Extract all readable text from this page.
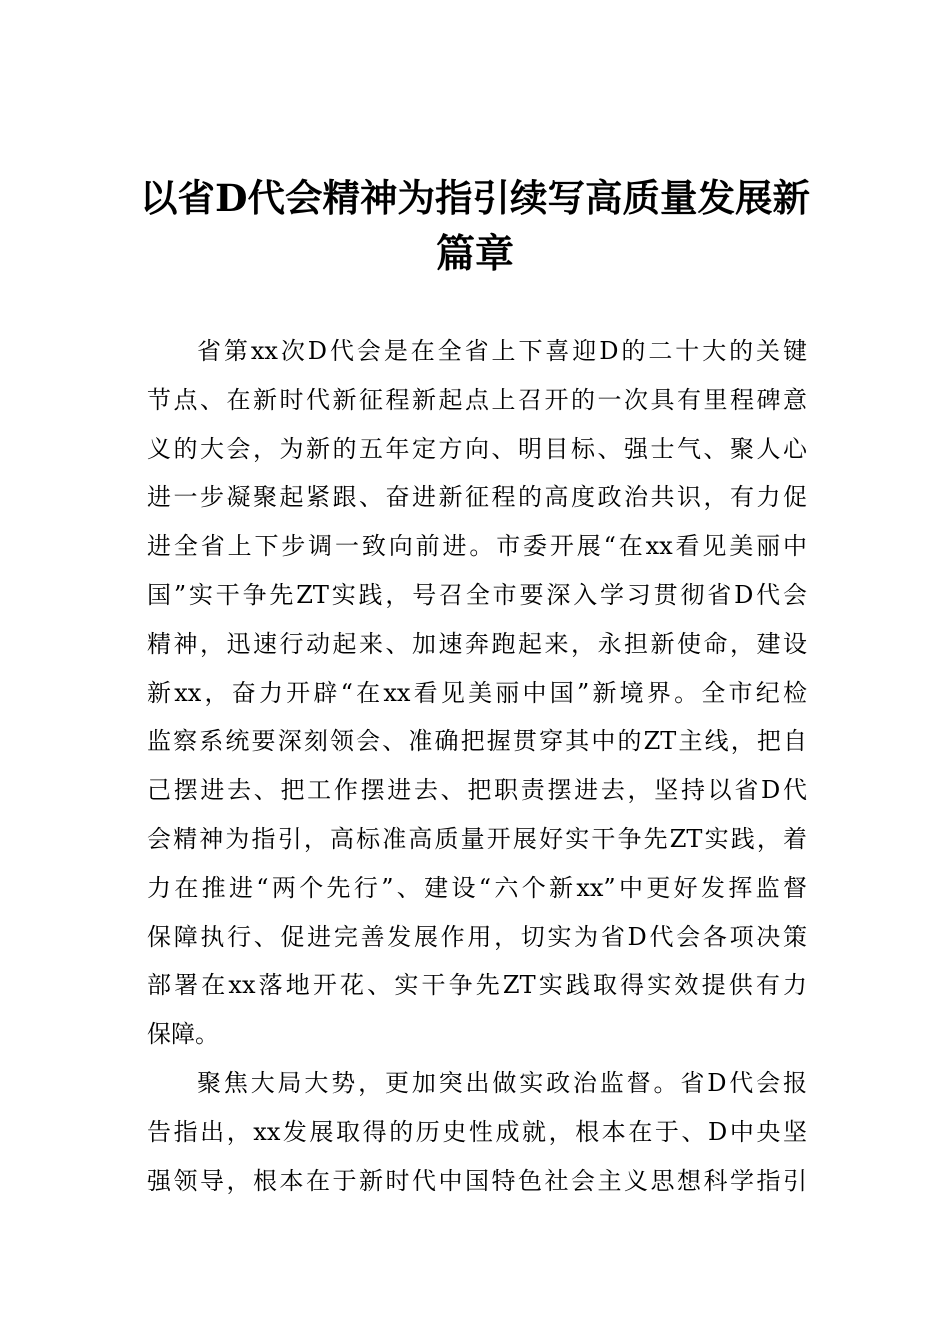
以省D代会精神为指引续写高质量发展新
篇章
省第xx次D代会是在全省上下喜迎D的二十大的关键
节点、在新时代新征程新起点上召开的一次具有里程碑意
义的大会，为新的五年定方向、明目标、强士气、聚人心
进一步凝聚起紧跟、奋进新征程的高度政治共识，有力促
进全省上下步调一致向前进。市委开展“在xx看见美丽中
国”实干争先ZT实践，号召全市要深入学习贯彻省D代会
精神，迅速行动起来、加速奔跑起来，永担新使命，建设
新xx，奋力开辟“在xx看见美丽中国”新境界。全市纪检
监察系统要深刻领会、准确把握贯穿其中的ZT主线，把自
己摆进去、把工作摆进去、把职责摆进去，坚持以省D代
会精神为指引，高标准高质量开展好实干争先ZT实践，着
力在推进“两个先行”、建设“六个新xx”中更好发挥监督
保障执行、促进完善发展作用，切实为省D代会各项决策
部署在xx落地开花、实干争先ZT实践取得实效提供有力
保障。
聚焦大局大势，更加突出做实政治监督。省D代会报
告指出，xx发展取得的历史性成就，根本在于、D中央坚
强领导，根本在于新时代中国特色社会主义思想科学指引
